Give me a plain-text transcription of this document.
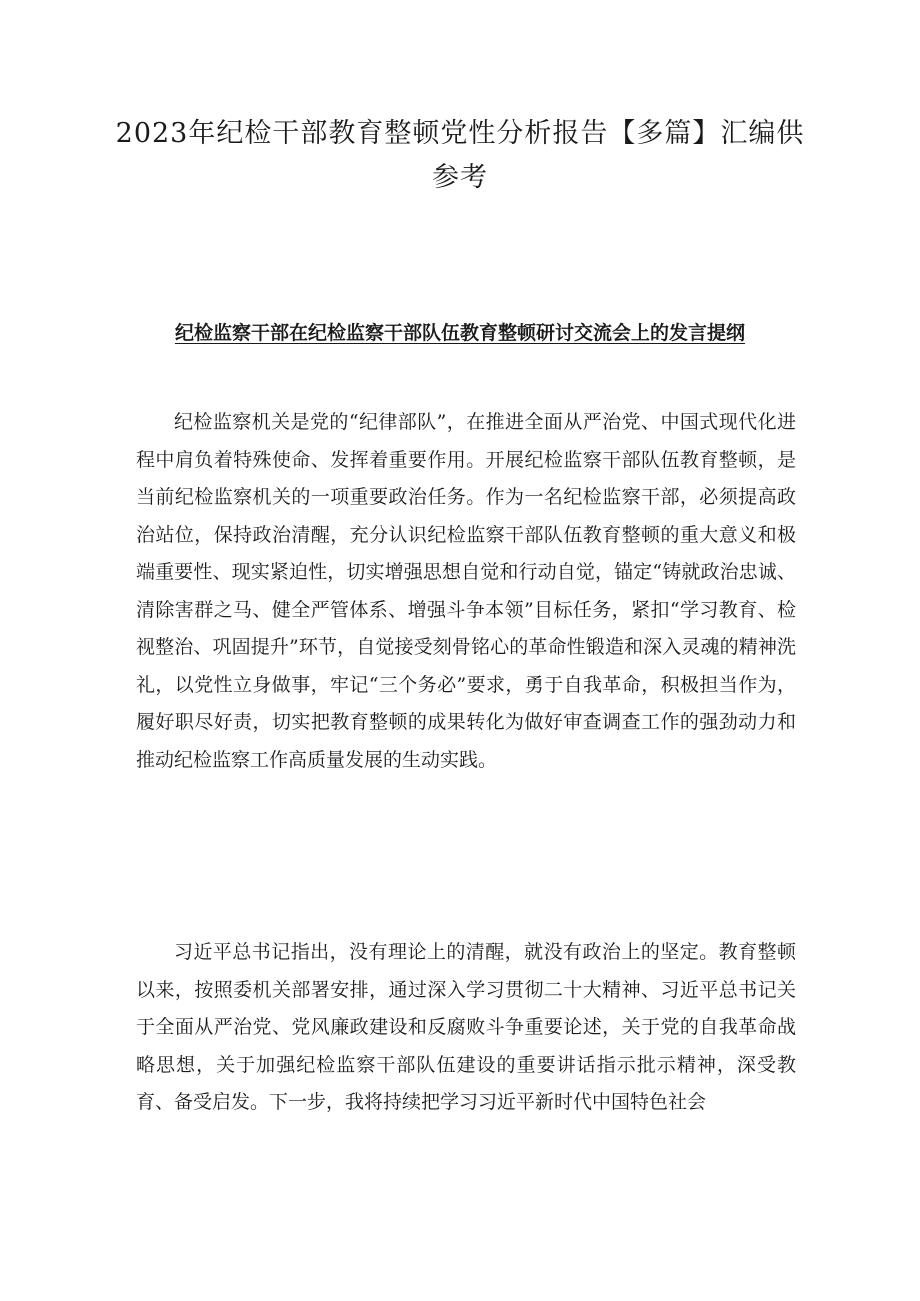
2023年纪检干部教育整顿党性分析报告【多篇】汇编供参考
纪检监察干部在纪检监察干部队伍教育整顿研讨交流会上的发言提纲

纪检监察机关是党的“纪律部队”，在推进全面从严治党、中国式现代化进程中肩负着特殊使命、发挥着重要作用。开展纪检监察干部队伍教育整顿，是当前纪检监察机关的一项重要政治任务。作为一名纪检监察干部，必须提高政治站位，保持政治清醒，充分认识纪检监察干部队伍教育整顿的重大意义和极端重要性、现实紧迫性，切实增强思想自觉和行动自觉，锚定“铸就政治忠诚、清除害群之马、健全严管体系、增强斗争本领”目标任务，紧扣“学习教育、检视整治、巩固提升”环节，自觉接受刻骨铭心的革命性锻造和深入灵魂的精神洗礼，以党性立身做事，牢记“三个务必”要求，勇于自我革命，积极担当作为，履好职尽好责，切实把教育整顿的成果转化为做好审查调查工作的强劲动力和推动纪检监察工作高质量发展的生动实践。

习近平总书记指出，没有理论上的清醒，就没有政治上的坚定。教育整顿以来，按照委机关部署安排，通过深入学习贯彻二十大精神、习近平总书记关于全面从严治党、党风廉政建设和反腐败斗争重要论述，关于党的自我革命战略思想，关于加强纪检监察干部队伍建设的重要讲话指示批示精神，深受教育、备受启发。下一步，我将持续把学习习近平新时代中国特色社会
